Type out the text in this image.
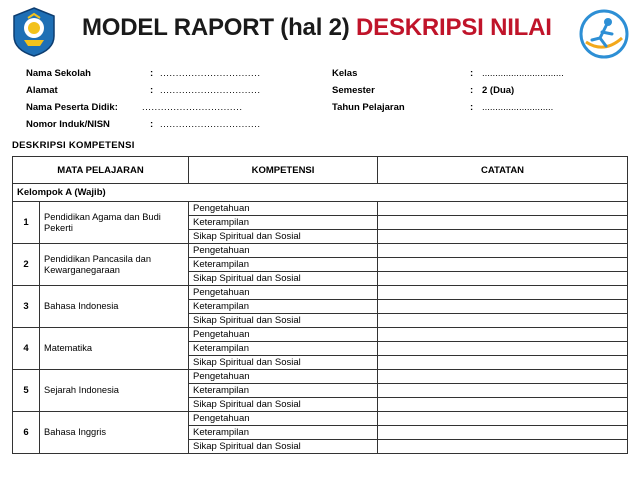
MODEL RAPORT (hal 2) DESKRIPSI NILAI
Nama Sekolah	: ................................	Kelas	: ...............................
Alamat	: ................................	Semester	: 2 (Dua)
Nama Peserta Didik:	................................	Tahun Pelajaran	: ...........................
Nomor Induk/NISN	: ................................
DESKRIPSI KOMPETENSI
MATA PELAJARAN		KOMPETENSI	CATATAN
Kelompok A (Wajib)			
1	Pendidikan Agama dan Budi Pekerti	Pengetahuan	
		Keterampilan	
		Sikap Spiritual dan Sosial	
2	Pendidikan Pancasila dan Kewarganegaraan	Pengetahuan	
		Keterampilan	
		Sikap Spiritual dan Sosial	
3	Bahasa Indonesia	Pengetahuan	
		Keterampilan	
		Sikap Spiritual dan Sosial	
4	Matematika	Pengetahuan	
		Keterampilan	
		Sikap Spiritual dan Sosial	
5	Sejarah Indonesia	Pengetahuan	
		Keterampilan	
		Sikap Spiritual dan Sosial	
6	Bahasa Inggris	Pengetahuan	
		Keterampilan	
		Sikap Spiritual dan Sosial	
